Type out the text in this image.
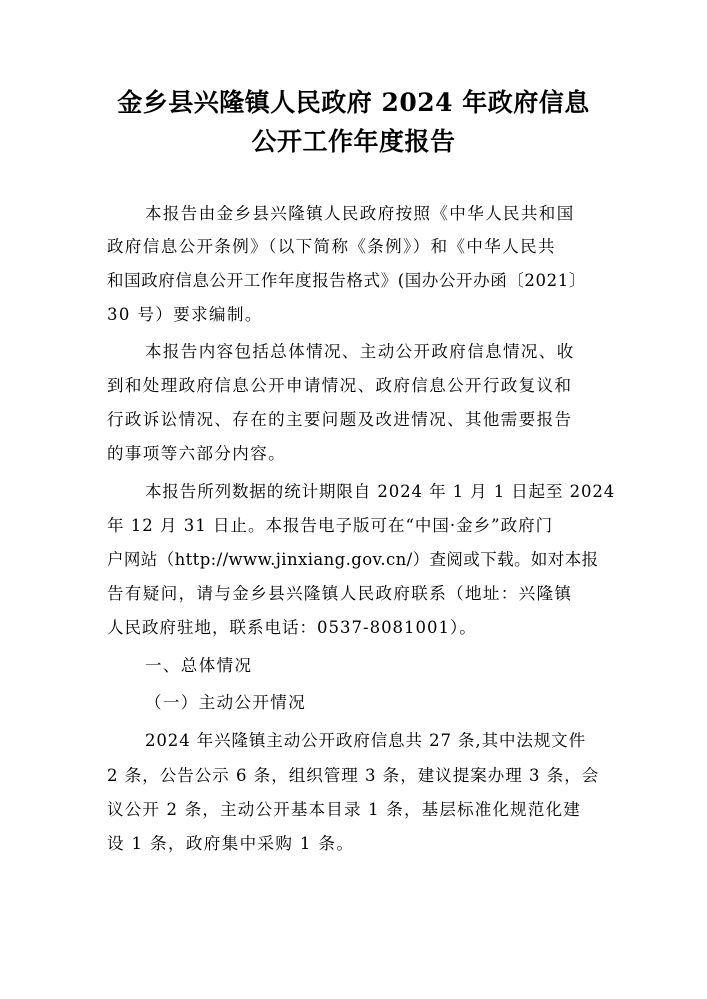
金乡县兴隆镇人民政府 2024 年政府信息
公开工作年度报告
本报告由金乡县兴隆镇人民政府按照《中华人民共和国
政府信息公开条例》（以下简称《条例》）和《中华人民共
和国政府信息公开工作年度报告格式》(国办公开办函〔2021〕
30 号）要求编制。
本报告内容包括总体情况、主动公开政府信息情况、收
到和处理政府信息公开申请情况、政府信息公开行政复议和
行政诉讼情况、存在的主要问题及改进情况、其他需要报告
的事项等六部分内容。
本报告所列数据的统计期限自 2024 年 1 月 1 日起至 2024
年 12 月 31 日止。本报告电子版可在“中国·金乡”政府门
户网站（http://www.jinxiang.gov.cn/）查阅或下载。如对本报
告有疑问，请与金乡县兴隆镇人民政府联系（地址：兴隆镇
人民政府驻地，联系电话：0537-8081001）。
一、总体情况
（一）主动公开情况
2024 年兴隆镇主动公开政府信息共 27 条,其中法规文件
2 条，公告公示 6 条，组织管理 3 条，建议提案办理 3 条，会
议公开 2 条，主动公开基本目录 1 条，基层标准化规范化建
设 1 条，政府集中采购 1 条。
